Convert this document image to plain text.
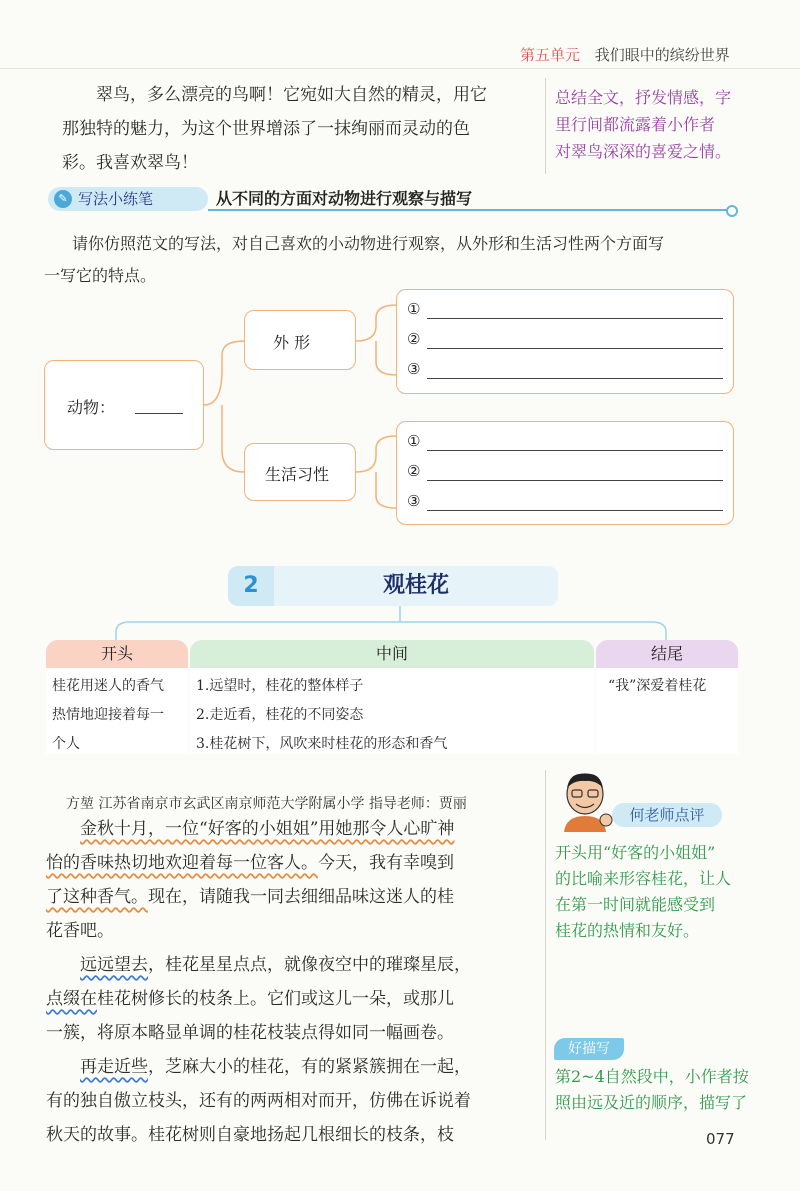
第五单元 我们眼中的缤纷世界
翠鸟，多么漂亮的鸟啊！它宛如大自然的精灵，用它
那独特的魅力，为这个世界增添了一抹绚丽而灵动的色
彩。我喜欢翠鸟！
总结全文，抒发情感，字
里行间都流露着小作者
对翠鸟深深的喜爱之情。
✎ 写法小练笔	从不同的方面对动物进行观察与描写
请你仿照范文的写法，对自己喜欢的小动物进行观察，从外形和生活习性两个方面写
一写它的特点。
动物：
外 形
生活习性
①
②
③
①
②
③
2	观桂花
开头
桂花用迷人的香气
热情地迎接着每一
个人
中间
1.远望时，桂花的整体样子
2.走近看，桂花的不同姿态
3.桂花树下，风吹来时桂花的形态和香气
结尾
“我”深爱着桂花
方堃 江苏省南京市玄武区南京师范大学附属小学 指导老师：贾丽
金秋十月，一位“好客的小姐姐”用她那令人心旷神
怡的香味热切地欢迎着每一位客人。今天，我有幸嗅到
了这种香气。现在，请随我一同去细细品味这迷人的桂
花香吧。
远远望去，桂花星星点点，就像夜空中的璀璨星辰，
点缀在桂花树修长的枝条上。它们或这儿一朵，或那儿
一簇，将原本略显单调的桂花枝装点得如同一幅画卷。
再走近些，芝麻大小的桂花，有的紧紧簇拥在一起，
有的独自傲立枝头，还有的两两相对而开，仿佛在诉说着
秋天的故事。桂花树则自豪地扬起几根细长的枝条，枝
何老师点评
开头用“好客的小姐姐”
的比喻来形容桂花，让人
在第一时间就能感受到
桂花的热情和友好。
好描写
第2~4自然段中，小作者按
照由远及近的顺序，描写了
077
